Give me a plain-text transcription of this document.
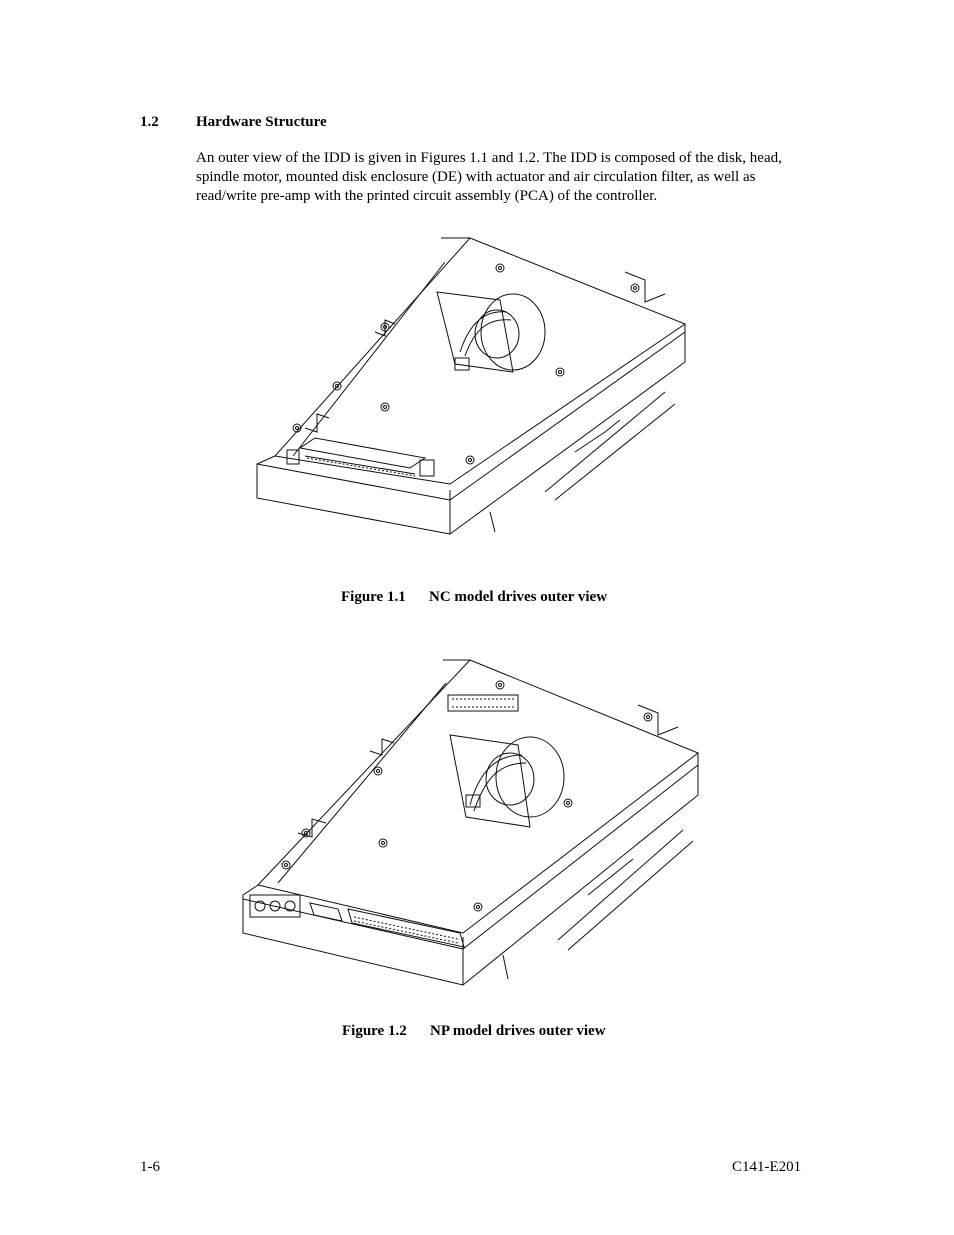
1.2 Hardware Structure
An outer view of the IDD is given in Figures 1.1 and 1.2. The IDD is composed of the disk, head, spindle motor, mounted disk enclosure (DE) with actuator and air circulation filter, as well as read/write pre-amp with the printed circuit assembly (PCA) of the controller.
Figure 1.1 NC model drives outer view
Figure 1.2 NP model drives outer view
1-6	C141-E201
